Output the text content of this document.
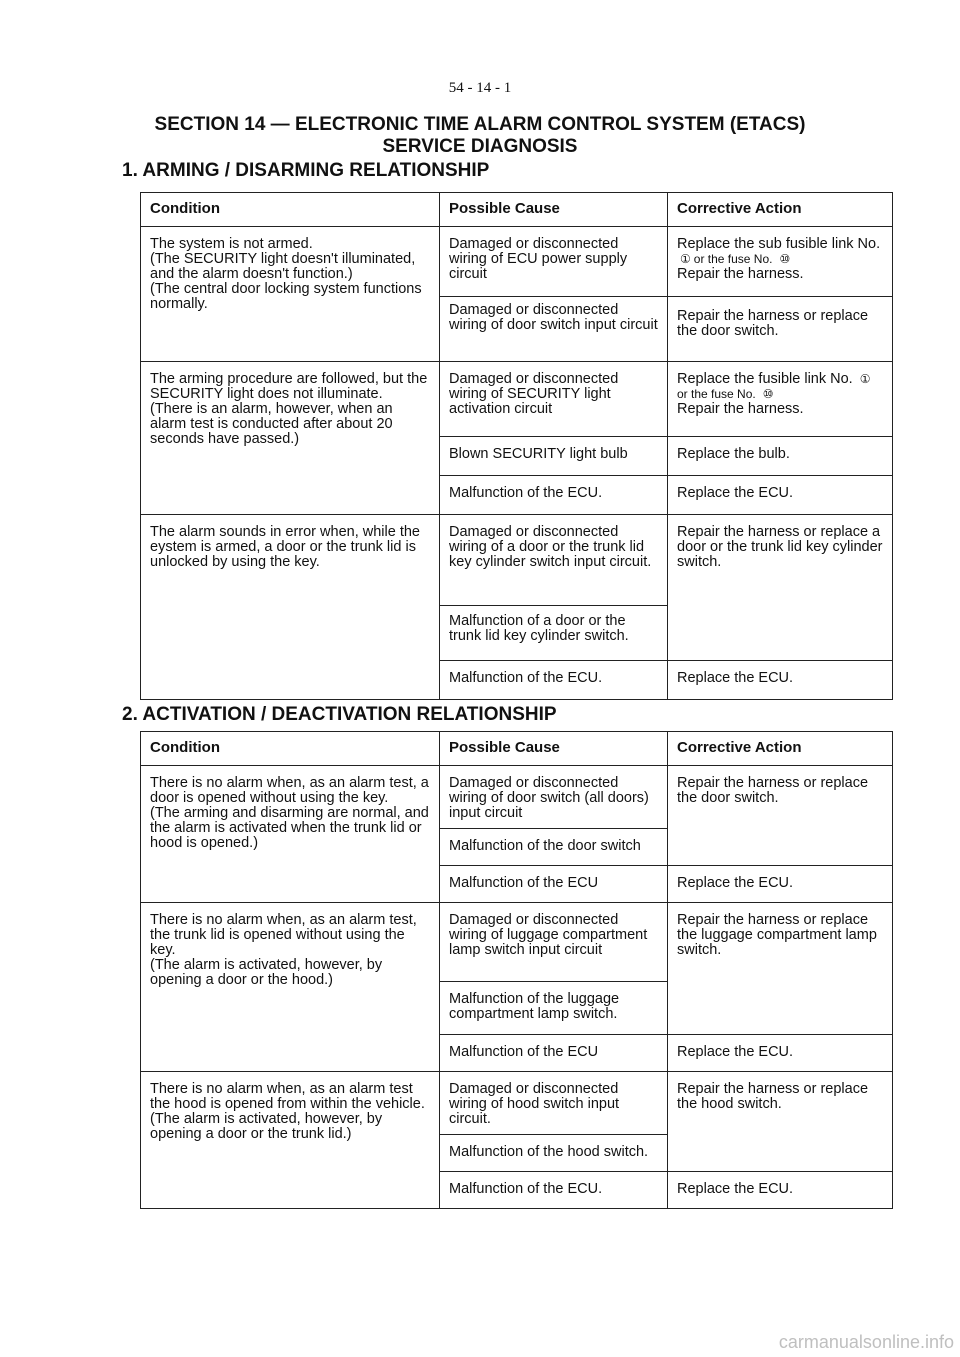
54 - 14 - 1
SECTION 14 — ELECTRONIC TIME ALARM CONTROL SYSTEM (ETACS)
SERVICE DIAGNOSIS
1. ARMING / DISARMING RELATIONSHIP
Condition	Possible Cause	Corrective Action

The system is not armed.
(The SECURITY light doesn't illuminated, and the alarm doesn't function.)
(The central door locking system functions normally.	Damaged or disconnected wiring of ECU power supply circuit	Replace the sub fusible link No. ① or the fuse No. ⑩
Repair the harness.
	Damaged or disconnected wiring of door switch input circuit	Repair the harness or replace the door switch.

The arming procedure are followed, but the SECURITY light does not illuminate.
(There is an alarm, however, when an alarm test is conducted after about 20 seconds have passed.)	Damaged or disconnected wiring of SECURITY light activation circuit	Replace the fusible link No. ①or the fuse No. ⑩
Repair the harness.
	Blown SECURITY light bulb	Replace the bulb.
	Malfunction of the ECU.	Replace the ECU.

The alarm sounds in error when, while the eystem is armed, a door or the trunk lid is unlocked by using the key.	Damaged or disconnected wiring of a door or the trunk lid key cylinder switch input circuit.	Repair the harness or replace a door or the trunk lid key cylinder switch.
	Malfunction of a door or the trunk lid key cylinder switch.	
	Malfunction of the ECU.	Replace the ECU.
2. ACTIVATION / DEACTIVATION RELATIONSHIP
Condition	Possible Cause	Corrective Action

There is no alarm when, as an alarm test, a door is opened without using the key.
(The arming and disarming are normal, and the alarm is activated when the trunk lid or hood is opened.)	Damaged or disconnected wiring of door switch (all doors) input circuit	Repair the harness or replace the door switch.
	Malfunction of the door switch	
	Malfunction of the ECU	Replace the ECU.

There is no alarm when, as an alarm test, the trunk lid is opened without using the key.
(The alarm is activated, however, by opening a door or the hood.)	Damaged or disconnected wiring of luggage compartment lamp switch input circuit	Repair the harness or replace the luggage compartment lamp switch.
	Malfunction of the luggage compartment lamp switch.	
	Malfunction of the ECU	Replace the ECU.

There is no alarm when, as an alarm test the hood is opened from within the vehicle.
(The alarm is activated, however, by opening a door or the trunk lid.)	Damaged or disconnected wiring of hood switch input circuit.	Repair the harness or replace the hood switch.
	Malfunction of the hood switch.	
	Malfunction of the ECU.	Replace the ECU.
carmanualsonline.info
